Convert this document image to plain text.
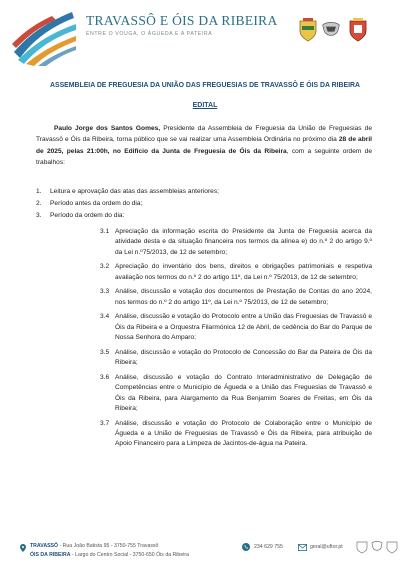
TRAVASSÔ E ÓIS DA RIBEIRA
ENTRE O VOUGA, O ÁGUEDA E A PATEIRA
ASSEMBLEIA DE FREGUESIA DA UNIÃO DAS FREGUESIAS DE TRAVASSÔ E ÓIS DA RIBEIRA
EDITAL
Paulo Jorge dos Santos Gomes, Presidente da Assembleia de Freguesia da União de Freguesias de Travassô e Óis da Ribeira, torna público que se vai realizar uma Assembleia Ordinária no próximo dia 28 de abril de 2025, pelas 21:00h, no Edifício da Junta de Freguesia de Óis da Ribeira, com a seguinte ordem de trabalhos:
1.	Leitura e aprovação das atas das assembleias anteriores;
2.	Período antes da ordem do dia;
3.	Período da ordem do dia:
3.1 Apreciação da informação escrita do Presidente da Junta de Freguesia acerca da atividade desta e da situação financeira nos termos da alínea e) do n.º 2 do artigo 9.º da Lei n.º75/2013, de 12 de setembro;
3.2 Apreciação do inventário dos bens, direitos e obrigações patrimoniais e respetiva avaliação nos termos do n.º 2 do artigo 11º, da Lei n.º 75/2013, de 12 de setembro;
3.3 Análise, discussão e votação dos documentos de Prestação de Contas do ano 2024, nos termos do n.º 2 do artigo 11º, da Lei n.º 75/2013, de 12 de setembro;
3.4 Análise, discussão e votação do Protocolo entre a União das Freguesias de Travassô e Óis da Ribeira e a Orquestra Filarmónica 12 de Abril, de cedência do Bar do Parque de Nossa Senhora do Amparo;
3.5 Análise, discussão e votação do Protocolo de Concessão do Bar da Pateira de Óis da Ribeira;
3.6 Análise, discussão e votação do Contrato Interadministrativo de Delegação de Competências entre o Município de Águeda e a União das Freguesias de Travassô e Óis da Ribeira, para Alargamento da Rua Benjamim Soares de Freitas, em Óis da Ribeira;
3.7 Análise, discussão e votação do Protocolo de Colaboração entre o Município de Águeda e a União de Freguesias de Travassô e Óis da Ribeira, para atribuição de Apoio Financeiro para a Limpeza de Jacintos-de-água na Pateira.
TRAVASSÔ - Rua João Batista 95 - 3750-755 Travassô
ÓIS DA RIBEIRA - Largo do Centro Social - 3750-650 Óis da Ribeira
234 629 755	geral@uftor.pt
